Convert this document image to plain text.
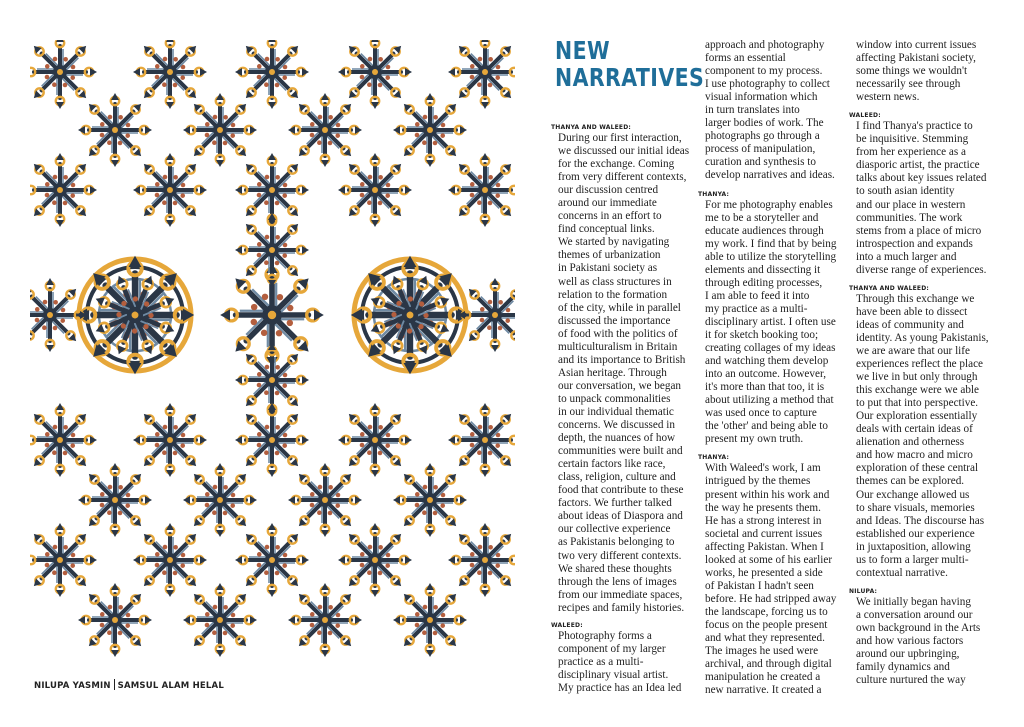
NILUPA YASMIN SAMSUL ALAM HELAL
NEW
NARRATIVES
THANYA AND WALEED:

During our first interaction,

we discussed our initial ideas

for the exchange. Coming

from very different contexts,

our discussion centred

around our immediate

concerns in an effort to

find conceptual links.

We started by navigating

themes of urbanization

in Pakistani society as

well as class structures in

relation to the formation

of the city, while in parallel

discussed the importance

of food with the politics of

multiculturalism in Britain

and its importance to British

Asian heritage. Through

our conversation, we began

to unpack commonalities

in our individual thematic

concerns. We discussed in

depth, the nuances of how

communities were built and

certain factors like race,

class, religion, culture and

food that contribute to these

factors. We further talked

about ideas of Diaspora and

our collective experience

as Pakistanis belonging to

two very different contexts.

We shared these thoughts

through the lens of images

from our immediate spaces,

recipes and family histories.

WALEED:

Photography forms a

component of my larger

practice as a multi-

disciplinary visual artist.

My practice has an Idea led

approach and photography

forms an essential

component to my process.

I use photography to collect

visual information which

in turn translates into

larger bodies of work. The

photographs go through a

process of manipulation,

curation and synthesis to

develop narratives and ideas.

THANYA:

For me photography enables

me to be a storyteller and

educate audiences through

my work. I find that by being

able to utilize the storytelling

elements and dissecting it

through editing processes,

I am able to feed it into

my practice as a multi-

disciplinary artist. I often use

it for sketch booking too;

creating collages of my ideas

and watching them develop

into an outcome. However,

it's more than that too, it is

about utilizing a method that

was used once to capture

the 'other' and being able to

present my own truth.

THANYA:

With Waleed's work, I am

intrigued by the themes

present within his work and

the way he presents them.

He has a strong interest in

societal and current issues

affecting Pakistan. When I

looked at some of his earlier

works, he presented a side

of Pakistan I hadn't seen

before. He had stripped away

the landscape, forcing us to

focus on the people present

and what they represented.

The images he used were

archival, and through digital

manipulation he created a

new narrative. It created a

window into current issues

affecting Pakistani society,

some things we wouldn't

necessarily see through

western news.

WALEED:

I find Thanya's practice to

be inquisitive. Stemming

from her experience as a

diasporic artist, the practice

talks about key issues related

to south asian identity

and our place in western

communities. The work

stems from a place of micro

introspection and expands

into a much larger and

diverse range of experiences.

THANYA AND WALEED:

Through this exchange we

have been able to dissect

ideas of community and

identity. As young Pakistanis,

we are aware that our life

experiences reflect the place

we live in but only through

this exchange were we able

to put that into perspective.

Our exploration essentially

deals with certain ideas of

alienation and otherness

and how macro and micro

exploration of these central

themes can be explored.

Our exchange allowed us

to share visuals, memories

and Ideas. The discourse has

established our experience

in juxtaposition, allowing

us to form a larger multi-

contextual narrative.

NILUPA:

We initially began having

a conversation around our

own background in the Arts

and how various factors

around our upbringing,

family dynamics and

culture nurtured the way
